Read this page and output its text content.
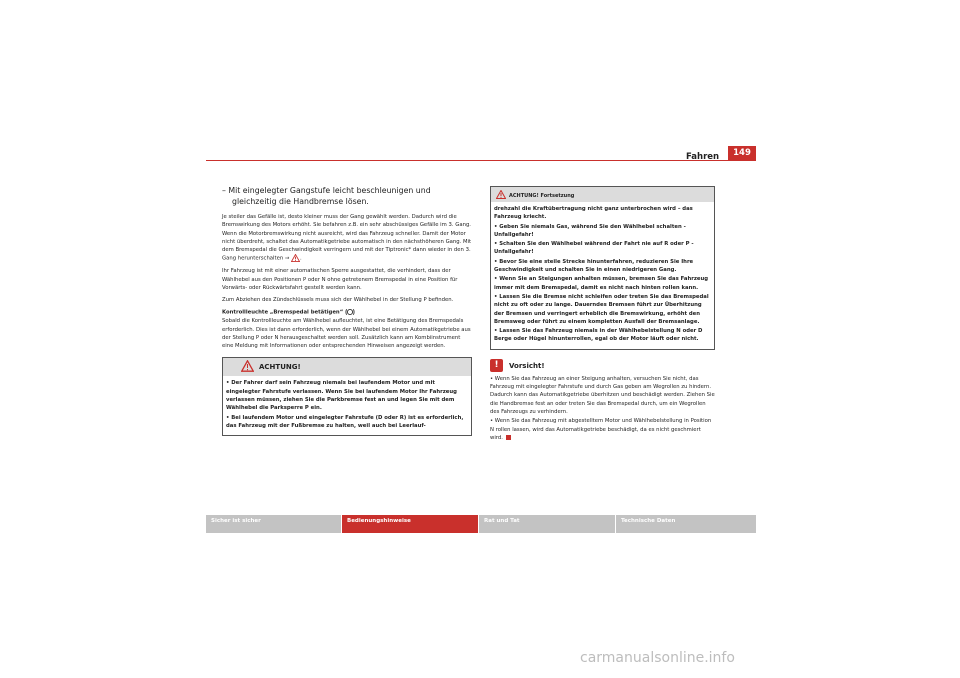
Fahren	149

– Mit eingelegter Gangstufe leicht beschleunigen und gleichzeitig die Handbremse lösen.

Je steiler das Gefälle ist, desto kleiner muss der Gang gewählt werden. Dadurch wird die Bremswirkung des Motors erhöht. Sie befahren z.B. ein sehr abschüssiges Gefälle im 3. Gang. Wenn die Motorbremswirkung nicht ausreicht, wird das Fahrzeug schneller. Damit der Motor nicht überdreht, schaltet das Automatikgetriebe automatisch in den nächsthöheren Gang. Mit dem Bremspedal die Geschwindigkeit verringern und mit der Tiptronic* dann wieder in den 3. Gang herunterschalten ⇒ .

Ihr Fahrzeug ist mit einer automatischen Sperre ausgestattet, die verhindert, dass der Wählhebel aus den Positionen P oder N ohne getretenem Bremspedal in eine Position für Vorwärts- oder Rückwärtsfahrt gestellt werden kann.

Zum Abziehen des Zündschlüssels muss sich der Wählhebel in der Stellung P befinden.

Kontrollleuchte „Bremspedal betätigen“

Sobald die Kontrollleuchte am Wählhebel aufleuchtet, ist eine Betätigung des Bremspedals erforderlich. Dies ist dann erforderlich, wenn der Wählhebel bei einem Automatikgetriebe aus der Stellung P oder N herausgeschaltet werden soll. Zusätzlich kann am Kombiinstrument eine Meldung mit Informationen oder entsprechenden Hinweisen angezeigt werden.

ACHTUNG!

• Der Fahrer darf sein Fahrzeug niemals bei laufendem Motor und mit eingelegter Fahrstufe verlassen. Wenn Sie bei laufendem Motor Ihr Fahrzeug verlassen müssen, ziehen Sie die Parkbremse fest an und legen Sie mit dem Wählhebel die Parksperre P ein.

• Bei laufendem Motor und eingelegter Fahrstufe (D oder R) ist es erforderlich, das Fahrzeug mit der Fußbremse zu halten, weil auch bei Leerlauf-

ACHTUNG! Fortsetzung

drehzahl die Kraftübertragung nicht ganz unterbrochen wird – das Fahrzeug kriecht.

• Geben Sie niemals Gas, während Sie den Wählhebel schalten - Unfallgefahr!

• Schalten Sie den Wählhebel während der Fahrt nie auf R oder P - Unfallgefahr!

• Bevor Sie eine steile Strecke hinunterfahren, reduzieren Sie Ihre Geschwindigkeit und schalten Sie in einen niedrigeren Gang.

• Wenn Sie an Steigungen anhalten müssen, bremsen Sie das Fahrzeug immer mit dem Bremspedal, damit es nicht nach hinten rollen kann.

• Lassen Sie die Bremse nicht schleifen oder treten Sie das Bremspedal nicht zu oft oder zu lange. Dauerndes Bremsen führt zur Überhitzung der Bremsen und verringert erheblich die Bremswirkung, erhöht den Bremsweg oder führt zu einem kompletten Ausfall der Bremsanlage.

• Lassen Sie das Fahrzeug niemals in der Wählhebelstellung N oder D Berge oder Hügel hinunterrollen, egal ob der Motor läuft oder nicht.

!	Vorsicht!

• Wenn Sie das Fahrzeug an einer Steigung anhalten, versuchen Sie nicht, das Fahrzeug mit eingelegter Fahrstufe und durch Gas geben am Wegrollen zu hindern. Dadurch kann das Automatikgetriebe überhitzen und beschädigt werden. Ziehen Sie die Handbremse fest an oder treten Sie das Bremspedal durch, um ein Wegrollen des Fahrzeugs zu verhindern.

• Wenn Sie das Fahrzeug mit abgestelltem Motor und Wählhebelstellung in Position N rollen lassen, wird das Automatikgetriebe beschädigt, da es nicht geschmiert wird.

Sicher ist sicher	Bedienungshinweise	Rat und Tat	Technische Daten
carmanualsonline.info
